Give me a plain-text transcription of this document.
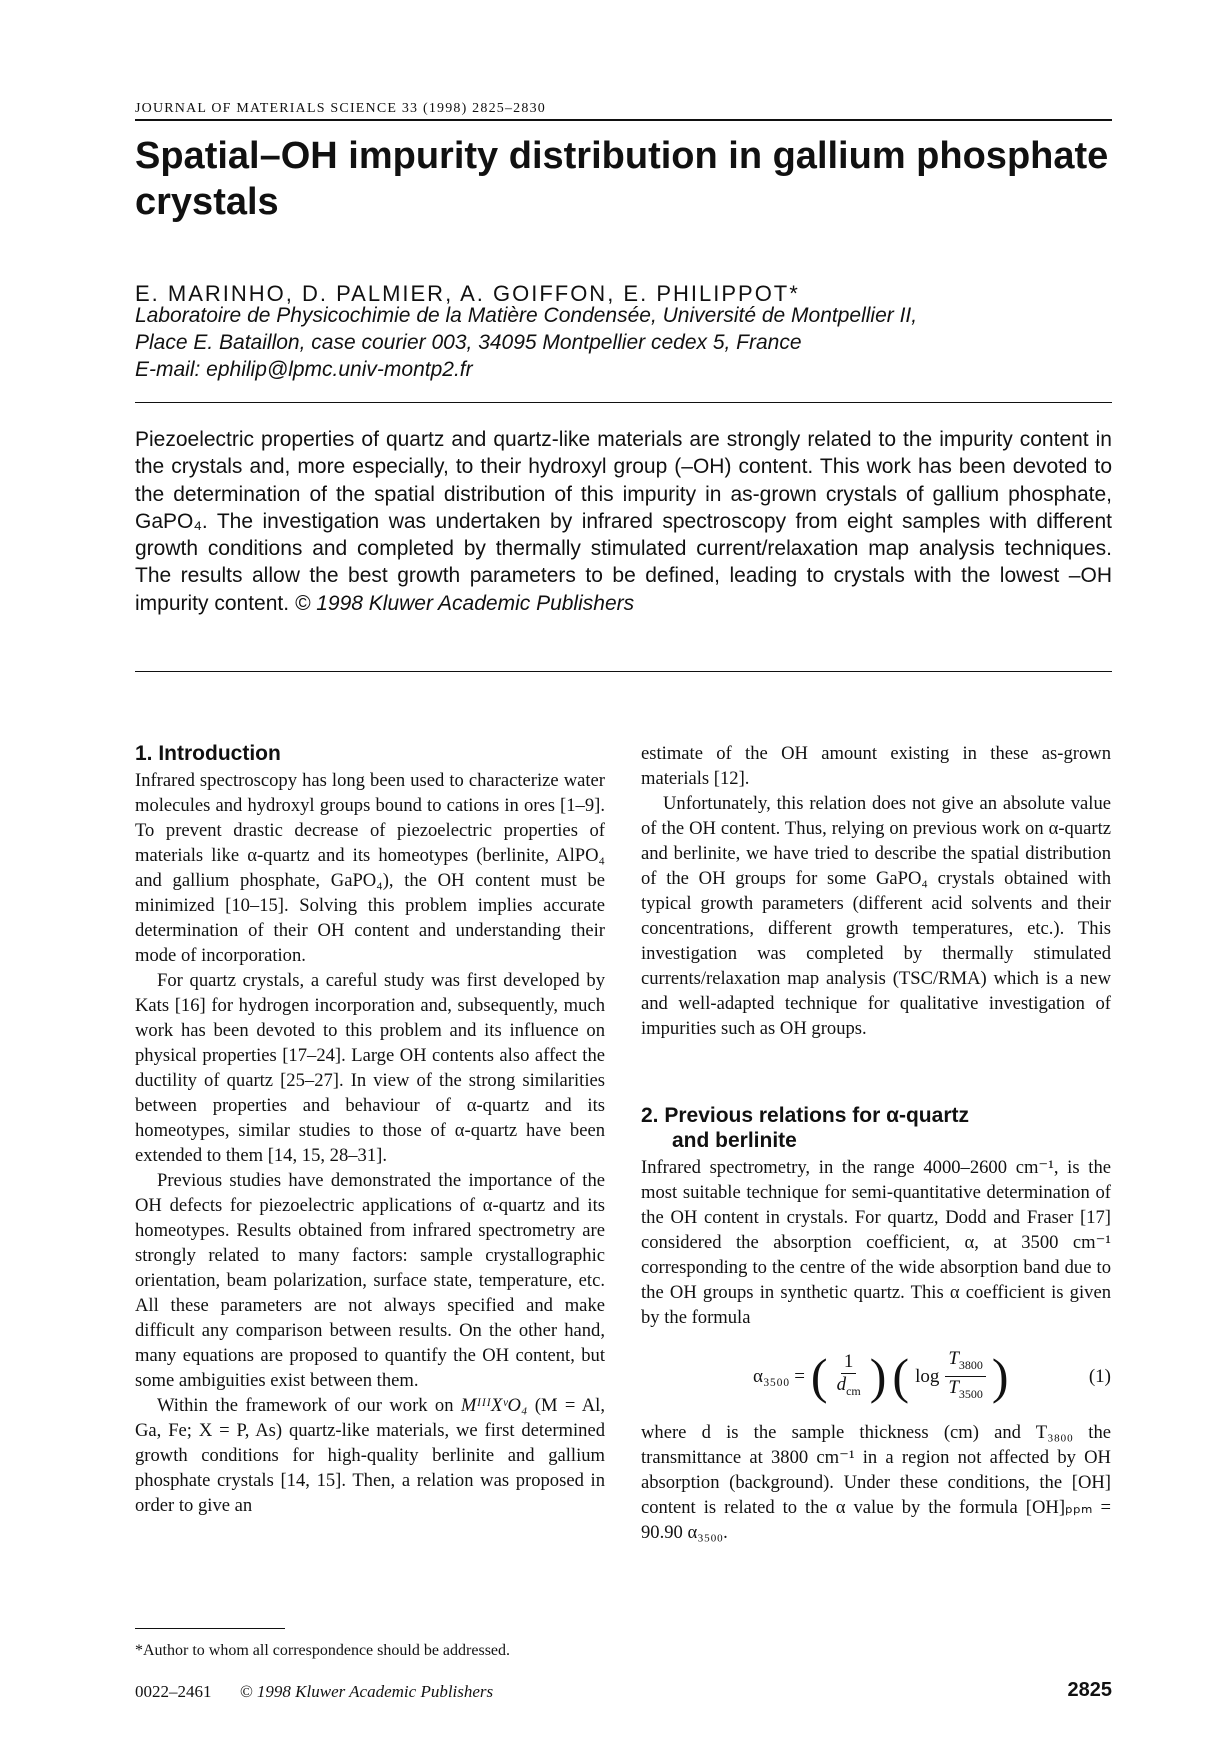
JOURNAL OF MATERIALS SCIENCE 33 (1998) 2825–2830
Spatial–OH impurity distribution in gallium phosphate crystals
E. MARINHO, D. PALMIER, A. GOIFFON, E. PHILIPPOT*
Laboratoire de Physicochimie de la Matière Condensée, Université de Montpellier II,
Place E. Bataillon, case courier 003, 34095 Montpellier cedex 5, France
E-mail: ephilip@lpmc.univ-montp2.fr

Piezoelectric properties of quartz and quartz-like materials are strongly related to the impurity content in the crystals and, more especially, to their hydroxyl group (–OH) content. This work has been devoted to the determination of the spatial distribution of this impurity in as-grown crystals of gallium phosphate, GaPO₄. The investigation was undertaken by infrared spectroscopy from eight samples with different growth conditions and completed by thermally stimulated current/relaxation map analysis techniques. The results allow the best growth parameters to be defined, leading to crystals with the lowest –OH impurity content. © 1998 Kluwer Academic Publishers

1. Introduction

Infrared spectroscopy has long been used to characterize water molecules and hydroxyl groups bound to cations in ores [1–9]. To prevent drastic decrease of piezoelectric properties of materials like α-quartz and its homeotypes (berlinite, AlPO₄ and gallium phosphate, GaPO₄), the OH content must be minimized [10–15]. Solving this problem implies accurate determination of their OH content and understanding their mode of incorporation.

For quartz crystals, a careful study was first developed by Kats [16] for hydrogen incorporation and, subsequently, much work has been devoted to this problem and its influence on physical properties [17–24]. Large OH contents also affect the ductility of quartz [25–27]. In view of the strong similarities between properties and behaviour of α-quartz and its homeotypes, similar studies to those of α-quartz have been extended to them [14, 15, 28–31].

Previous studies have demonstrated the importance of the OH defects for piezoelectric applications of α-quartz and its homeotypes. Results obtained from infrared spectrometry are strongly related to many factors: sample crystallographic orientation, beam polarization, surface state, temperature, etc. All these parameters are not always specified and make difficult any comparison between results. On the other hand, many equations are proposed to quantify the OH content, but some ambiguities exist between them.

Within the framework of our work on MᴵᴵᴵXᵛO₄ (M = Al, Ga, Fe; X = P, As) quartz-like materials, we first determined growth conditions for high-quality berlinite and gallium phosphate crystals [14, 15]. Then, a relation was proposed in order to give an

estimate of the OH amount existing in these as-grown materials [12].

Unfortunately, this relation does not give an absolute value of the OH content. Thus, relying on previous work on α-quartz and berlinite, we have tried to describe the spatial distribution of the OH groups for some GaPO₄ crystals obtained with typical growth parameters (different acid solvents and their concentrations, different growth temperatures, etc.). This investigation was completed by thermally stimulated currents/relaxation map analysis (TSC/RMA) which is a new and well-adapted technique for qualitative investigation of impurities such as OH groups.

2. Previous relations for α-quartz
and berlinite

Infrared spectrometry, in the range 4000–2600 cm⁻¹, is the most suitable technique for semi-quantitative determination of the OH content in crystals. For quartz, Dodd and Fraser [17] considered the absorption coefficient, α, at 3500 cm⁻¹ corresponding to the centre of the wide absorption band due to the OH groups in synthetic quartz. This α coefficient is given by the formula

α₃₅₀₀ = ( $\frac{1}{d_{cm}}$ ) ( $\log \frac{T_{3800}}{T_{3500}}$ )	(1)

where d is the sample thickness (cm) and T₃₈₀₀ the transmittance at 3800 cm⁻¹ in a region not affected by OH absorption (background). Under these conditions, the [OH] content is related to the α value by the formula [OH]ₚₚₘ = 90.90 α₃₅₀₀.

*Author to whom all correspondence should be addressed.
0022–2461 © 1998 Kluwer Academic Publishers	2825
